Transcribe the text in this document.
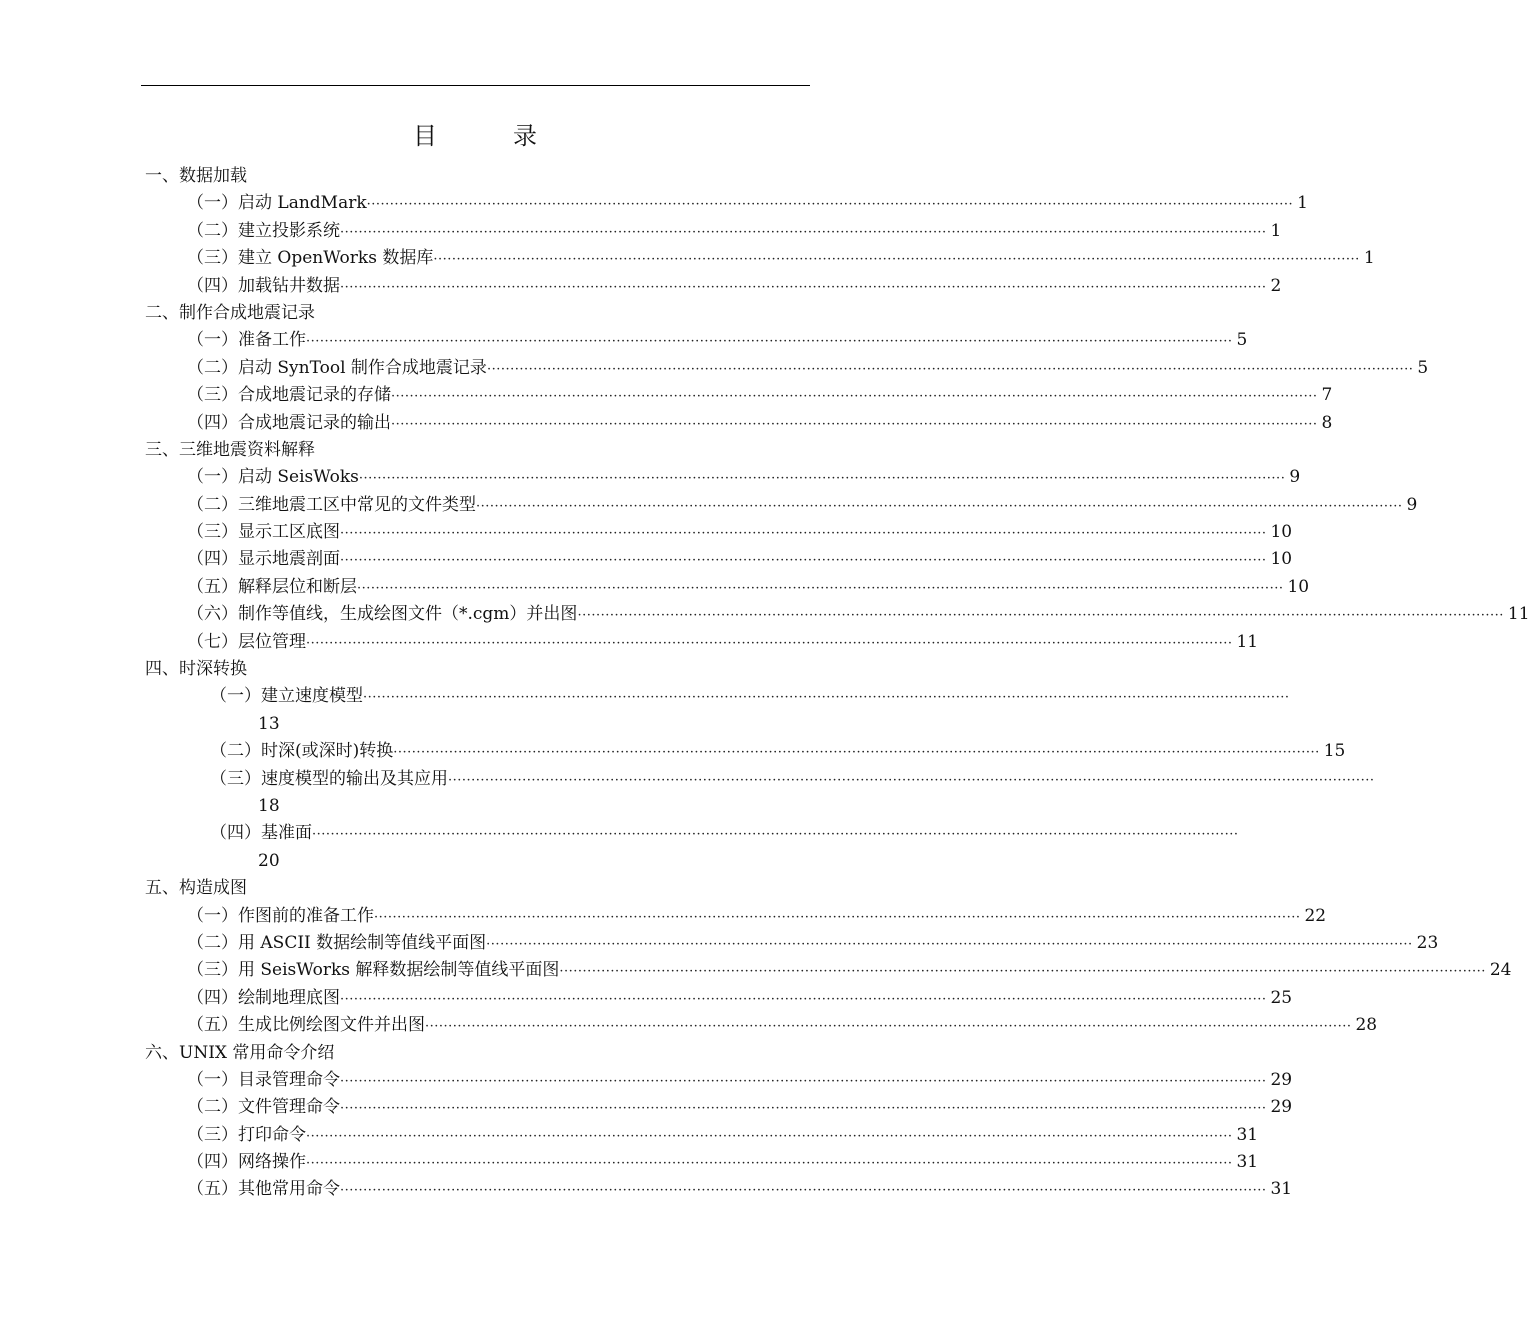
目　录
一、数据加载
（一）启动 LandMark ········································································································································································································ 1
（二）建立投影系统 ········································································································································································································ 1
（三）建立 OpenWorks 数据库 ········································································································································································································ 1
（四）加载钻井数据 ········································································································································································································ 2
二、制作合成地震记录
（一）准备工作 ········································································································································································································ 5
（二）启动 SynTool 制作合成地震记录 ········································································································································································································ 5
（三）合成地震记录的存储 ········································································································································································································ 7
（四）合成地震记录的输出 ········································································································································································································ 8
三、三维地震资料解释
（一）启动 SeisWoks ········································································································································································································ 9
（二）三维地震工区中常见的文件类型 ········································································································································································································ 9
（三）显示工区底图 ········································································································································································································ 10
（四）显示地震剖面 ········································································································································································································ 10
（五）解释层位和断层 ········································································································································································································ 10
（六）制作等值线，生成绘图文件（*.cgm）并出图 ········································································································································································································ 11
（七）层位管理 ········································································································································································································ 11
四、时深转换
（一）建立速度模型 ········································································································································································································
13
（二）时深(或深时)转换 ········································································································································································································ 15
（三）速度模型的输出及其应用 ········································································································································································································
18
（四）基准面 ········································································································································································································
20
五、构造成图
（一）作图前的准备工作 ········································································································································································································ 22
（二）用 ASCII 数据绘制等值线平面图 ········································································································································································································ 23
（三）用 SeisWorks 解释数据绘制等值线平面图 ········································································································································································································ 24
（四）绘制地理底图 ········································································································································································································ 25
（五）生成比例绘图文件并出图 ········································································································································································································ 28
六、UNIX 常用命令介绍
（一）目录管理命令 ········································································································································································································ 29
（二）文件管理命令 ········································································································································································································ 29
（三）打印命令 ········································································································································································································ 31
（四）网络操作 ········································································································································································································ 31
（五）其他常用命令 ········································································································································································································ 31
